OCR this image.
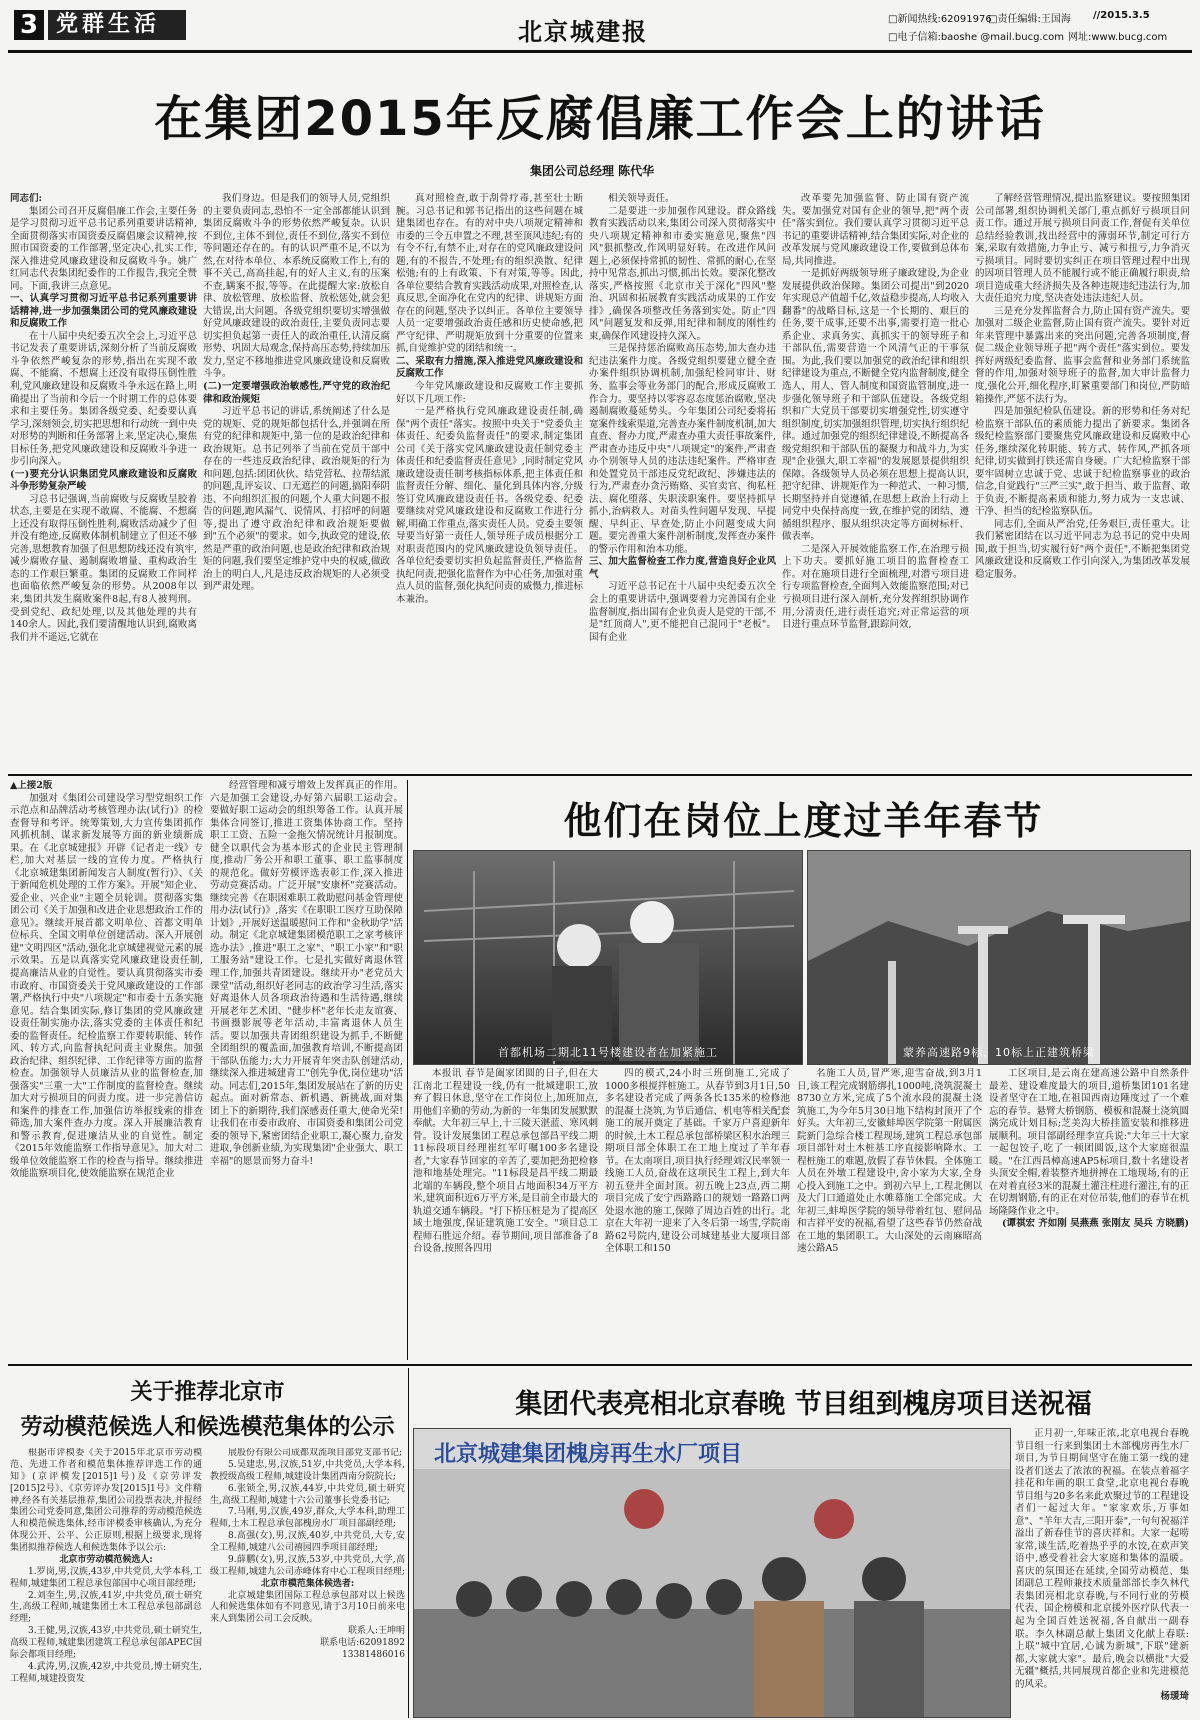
3 党群生活	北京城建报	□新闻热线:62091976
□责任编辑:王国海 //2015.3.5
□电子信箱:baoshe @mail.bucg.com 网址:www.bucg.com
在集团2015年反腐倡廉工作会上的讲话
集团公司总经理 陈代华

同志们:

集团公司召开反腐倡廉工作会,主要任务是学习贯彻习近平总书记系列重要讲话精神,全面贯彻落实市国资委反腐倡廉会议精神,按照市国资委的工作部署,坚定决心,扎实工作,深入推进党风廉政建设和反腐败斗争。姚广红同志代表集团纪委作的工作报告,我完全赞同。下面,我讲三点意见。

一、认真学习贯彻习近平总书记系列重要讲话精神,进一步加强集团公司的党风廉政建设和反腐败工作

在十八届中央纪委五次全会上,习近平总书记发表了重要讲话,深刻分析了当前反腐败斗争依然严峻复杂的形势,指出在实现不敢腐、不能腐、不想腐上还没有取得压倒性胜利,党风廉政建设和反腐败斗争永远在路上,明确提出了当前和今后一个时期工作的总体要求和主要任务。集团各级党委、纪委要认真学习,深刻领会,切实把思想和行动统一到中央对形势的判断和任务部署上来,坚定决心,聚焦目标任务,把党风廉政建设和反腐败斗争进一步引向深入。

(一)要充分认识集团党风廉政建设和反腐败斗争形势复杂严峻

习总书记强调,当前腐败与反腐败呈胶着状态,主要是在实现不敢腐、不能腐、不想腐上还没有取得压倒性胜利,腐败活动减少了但并没有绝迹,反腐败体制机制建立了但还不够完善,思想教育加强了但思想防线还没有筑牢,减少腐败存量、遏制腐败增量、重构政治生态的工作艰巨繁重。集团的反腐败工作同样也面临依然严峻复杂的形势。从2008年以来,集团共发生腐败案件8起,有8人被判刑。受到党纪、政纪处理,以及其他处理的共有140余人。因此,我们要清醒地认识到,腐败离我们并不遥远,它就在

我们身边。但是我们的领导人员,党组织的主要负责同志,恐怕不一定全部都能认识到集团反腐败斗争的形势依然严峻复杂。认识不到位,主体不到位,责任不到位,落实不到位等问题还存在的。有的认识严重不足,不以为然,在对待本单位、本系统反腐败工作上,有的事不关己,高高挂起,有的好人主义,有的压案不查,瞒案不报,等等。在此提醒大家:放松自律、放松管理、放松监督、放松惩处,就会犯大错误,出大问题。各级党组织要切实增强做好党风廉政建设的政治责任,主要负责同志要切实担负起第一责任人的政治重任,认清反腐形势、巩固大局观念,保持高压态势,持续加压发力,坚定不移地推进党风廉政建设和反腐败斗争。

(二)一定要增强政治敏感性,严守党的政治纪律和政治规矩

习近平总书记的讲话,系统阐述了什么是党的规矩、党的规矩都包括什么,并强调在所有党的纪律和规矩中,第一位的是政治纪律和政治规矩。总书记列举了当前在党员干部中存在的一些违反政治纪律、政治规矩的行为和问题,包括:团团伙伙、结党营私、拉帮结派的问题,乱评妄议、口无遮拦的问题,搞阳奉阴违、不向组织汇报的问题,个人重大问题不报告的问题,跑风漏气、说情风、打招呼的问题等,提出了遵守政治纪律和政治规矩要做到"五个必须"的要求。如今,执政党的建设,依然是严重的政治问题,也是政治纪律和政治规矩的问题,我们要坚定维护党中央的权威,做政治上的明白人,凡是违反政治规矩的人必须受到严肃处理。

真对照检查,敢于刮骨疗毒,甚至壮士断腕。习总书记和郭书记指出的这些问题在城建集团也存在。有的对中央八项规定精神和市委的三令五申置之不理,甚至顶风违纪;有的有令不行,有禁不止,对存在的党风廉政建设问题,有的不报告,不处理;有的组织涣散、纪律松弛;有的上有政策、下有对策,等等。因此,各单位要结合教育实践活动成果,对照检查,认真反思,全面净化在党内的纪律、讲规矩方面存在的问题,坚决予以纠正。各单位主要领导人员一定要增强政治责任感和历史使命感,把严守纪律、严明规矩放到十分重要的位置来抓,自觉维护党的团结和统一。

二、采取有力措施,深入推进党风廉政建设和反腐败工作

今年党风廉政建设和反腐败工作主要抓好以下几项工作:

一是严格执行党风廉政建设责任制,确保"两个责任"落实。按照中央关于"党委负主体责任、纪委负监督责任"的要求,制定集团公司《关于落实党风廉政建设责任制党委主体责任和纪委监督责任意见》,同时制定党风廉政建设责任制考核指标体系,把主体责任和监督责任分解、细化、量化到具体内容,分级签订党风廉政建设责任书。各级党委、纪委要继续对党风廉政建设和反腐败工作进行分解,明确工作重点,落实责任人员。党委主要领导要当好第一责任人,领导班子成员根据分工对职责范围内的党风廉政建设负领导责任。各单位纪委要切实担负起监督责任,严格监督执纪问责,把强化监督作为中心任务,加强对重点人员的监督,强化执纪问责的威慑力,推进标本兼治。

相关领导责任。

二是要进一步加强作风建设。群众路线教育实践活动以来,集团公司深入贯彻落实中央八项规定精神和市委实施意见,聚焦"四风"狠抓整改,作风明显好转。在改进作风问题上,必须保持常抓的韧性、常抓的耐心,在坚持中见常态,抓出习惯,抓出长效。要深化整改落实,严格按照《北京市关于深化"四风"整治、巩固和拓展教育实践活动成果的工作安排》,确保各项整改任务落到实处。防止"四风"问题复发和反弹,用纪律和制度的刚性约束,确保作风建设持久深入。

三是保持惩治腐败高压态势,加大查办违纪违法案件力度。各级党组织要建立健全查办案件组织协调机制,加强纪检同审计、财务、监事会等业务部门的配合,形成反腐败工作合力。要坚持以零容忍态度惩治腐败,坚决遏制腐败蔓延势头。今年集团公司纪委将拓宽案件线索渠道,完善查办案件制度机制,加大直查、督办力度,严肃查办重大责任事故案件,严肃查办违反中央"八项规定"的案件,严肃查办个别领导人员的违法违纪案件。严格审查和处置党员干部违反党纪政纪、涉嫌违法的行为,严肃查办贪污贿赂、买官卖官、徇私枉法、腐化堕落、失职渎职案件。要坚持抓早抓小,治病救人。对苗头性问题早发现、早提醒、早纠正、早查处,防止小问题变成大问题。要完善重大案件剖析制度,发挥查办案件的警示作用和治本功能。

三、加大监督检查工作力度,营造良好企业风气

习近平总书记在十八届中央纪委五次全会上的重要讲话中,强调要着力完善国有企业监督制度,指出国有企业负责人是党的干部,不是"红顶商人",更不能把自己混同于"老板"。国有企业

改革要先加强监督、防止国有资产流失。要加强党对国有企业的领导,把"两个责任"落实到位。我们要认真学习贯彻习近平总书记的重要讲话精神,结合集团实际,对企业的改革发展与党风廉政建设工作,要做到总体布局,共同推进。

一是抓好两级领导班子廉政建设,为企业发展提供政治保障。集团公司提出"到2020年实现总产值超千亿,效益稳步提高,人均收入翻番"的战略目标,这是一个长期的、艰巨的任务,要干成事,还要不出事,需要打造一批心系企业、求真务实、真抓实干的领导班子和干部队伍,需要营造一个风清气正的干事氛围。为此,我们要以加强党的政治纪律和组织纪律建设为重点,不断健全党内监督制度,健全选人、用人、管人制度和国资监管制度,进一步强化领导班子和干部队伍建设。各级党组织和广大党员干部要切实增强党性,切实遵守组织制度,切实加强组织管理,切实执行组织纪律。通过加强党的组织纪律建设,不断提高各级党组织和干部队伍的凝聚力和战斗力,为实现"企业强大,职工幸福"的发展愿景提供组织保障。各级领导人员必须在思想上提高认识,把守纪律、讲规矩作为一种范式、一种习惯,长期坚持并自觉遵循,在思想上政治上行动上同党中央保持高度一致,在维护党的团结、遵循组织程序、服从组织决定等方面树标杆、做表率。

二是深入开展效能监察工作,在治理亏损上下功夫。要抓好施工项目的监督检查工作。对在施项目进行全面梳理,对潜亏项目进行专项监督检查,全面判入效能监察范围;对已亏损项目进行深入剖析,充分发挥组织协调作用,分清责任,进行责任追究;对正常运营的项目进行重点环节监督,跟踪问效,

了解经营管理情况,提出监察建议。要按照集团公司部署,组织协调机关部门,重点抓好亏损项目问责工作。通过开展亏损项目问责工作,督促有关单位总结经验教训,找出经营中的薄弱环节,制定可行方案,采取有效措施,力争止亏、减亏和扭亏,力争消灭亏损项目。同时要切实纠正在项目管理过程中出现的因项目管理人员不能履行或不能正确履行职责,给项目造成重大经济损失及各种违规违纪违法行为,加大责任追究力度,坚决查处违法违纪人员。

三是充分发挥监督合力,防止国有资产流失。要加强对二级企业监督,防止国有资产流失。要针对近年来管理中暴露出来的突出问题,完善各项制度,督促二级企业领导班子把"两个责任"落实到位。要发挥好两级纪委监督、监事会监督和业务部门系统监督的作用,加强对领导班子的监督,加大审计监督力度,强化公开,细化程序,盯紧重要部门和岗位,严防暗箱操作,严惩不法行为。

四是加强纪检队伍建设。新的形势和任务对纪检监察干部队伍的素质能力提出了新要求。集团各级纪检监察部门要聚焦党风廉政建设和反腐败中心任务,继续深化转职能、转方式、转作风,严抓各项纪律,切实做到打铁还需自身硬。广大纪检监察干部要牢固树立忠诚于党、忠诚于纪检监察事业的政治信念,自觉践行"三严三实",敢于担当、敢于监督、敢于负责,不断提高素质和能力,努力成为一支忠诚、干净、担当的纪检监察队伍。

同志们,全面从严治党,任务艰巨,责任重大。让我们紧密团结在以习近平同志为总书记的党中央周围,敢于担当,切实履行好"两个责任",不断把集团党风廉政建设和反腐败工作引向深入,为集团改革发展稳定服务。

▲上接2版

加强对《集团公司建设学习型党组织工作示范点和品牌活动考核管理办法(试行)》的检查督导和考评。统筹策划,大力宣传集团抓作风抓机制、谋求新发展等方面的新业绩新成果。在《北京城建报》开辟《记者走一线》专栏,加大对基层一线的宣传力度。严格执行《北京城建集团新闻发言人制度(暂行)》、《关于新闻危机处理的工作方案》。开展"知企业、爱企业、兴企业"主题全员轮训。贯彻落实集团公司《关于加强和改进企业思想政治工作的意见》。继续开展首都文明单位、首都文明单位标兵、全国文明单位创建活动。深入开展创建"文明四区"活动,强化北京城建视觉元素的展示效果。五是以真落实党风廉政建设责任制,提高廉洁从业的自觉性。要认真贯彻落实市委市政府、市国资委关于党风廉政建设的工作部署,严格执行中央"八项规定"和市委十五条实施意见。结合集团实际,修订集团的党风廉政建设责任制实施办法,落实党委的主体责任和纪委的监督责任。纪检监察工作要转职能、转作风、转方式,向监督执纪问责主业聚焦。加强政治纪律、组织纪律、工作纪律等方面的监督检查。加强领导人员廉洁从业的监督检查,加强落实"三重一大"工作制度的监督检查。继续加大对亏损项目的问责力度。进一步完善信访和案件的排查工作,加强信访举报线索的排查筛选,加大案件查办力度。深入开展廉洁教育和警示教育,促进廉洁从业的自觉性。制定《2015年效能监察工作指导意见》。加大对二级单位效能监察工作的检查与指导。继续推进效能监察项目化,使效能监察在规范企业

经营管理和减亏增效上发挥真正的作用。六是加强工会建设,办好第六届职工运动会。要做好职工运动会的组织筹备工作。认真开展集体合同签订,推进工资集体协商工作。坚持职工工资、五险一金拖欠情况统计月报制度。健全以职代会为基本形式的企业民主管理制度,推动厂务公开和职工董事、职工监事制度的规范化。做好劳模评选表彰工作,深入推进劳动竞赛活动。广泛开展"安康杯"竞赛活动。继续完善《在职困难职工救助慰问基金管理使用办法(试行)》,落实《在职职工医疗互助保障计划》,开展好送温暖慰问工作和"金秋助学"活动。制定《北京城建集团模范职工之家考核评选办法》,推进"职工之家"、"职工小家"和"职工服务站"建设工作。七是扎实做好离退休管理工作,加强共青团建设。继续开办"老党员大课堂"活动,组织好老同志的政治学习生活,落实好离退休人员各项政治待遇和生活待遇,继续开展老年艺术团、"健步杯"老年长走友谊赛、书画摄影展等老年活动,丰富离退休人员生活。要以加强共青团组织建设为抓手,不断健全团组织的覆盖面,加强教育培训,不断提高团干部队伍能力;大力开展青年突击队创建活动,继续深入推进城建青工"创先争优,岗位建功"活动。同志们,2015年,集团发展站在了新的历史起点。面对新常态、新机遇、新挑战,面对集团上下的新期待,我们深感责任重大,使命光荣!让我们在市委市政府、市国资委和集团公司党委的领导下,紧密团结企业职工,凝心聚力,奋发进取,争创新业绩,为实现集团"企业强大、职工幸福"的愿景而努力奋斗!

他们在岗位上度过羊年春节
首都机场二期北11号楼建设者在加紧施工	蒙养高速路9标、10标上正建筑桥梁

本报讯 春节是阖家团圆的日子,但在大江南北工程建设一线,仍有一批城建职工,放弃了假日休息,坚守在工作岗位上,加班加点,用他们辛勤的劳动,为新的一年集团发展默默奉献。大年初三早上,十三陵天湛蓝、寒风刺骨。设计发展集团工程总承包部昌平线二期11标段项目经理崔红军叮嘱100多名建设者,"大家春节回家的辛苦了,要加把劲把检修池和地基处理完。"11标段是昌平线二期最北端的车辆段,整个项目占地面积34万平方米,建筑面积近6万平方米,是目前全市最大的轨道交通车辆段。"打下桥压桩是为了提高区域土地强度,保证建筑施工安全。"项目总工程师石胜远介绍。春节期间,项目部准备了8台设备,按照各四用

四的模式,24小时三班倒施工,完成了1000多根搅拌桩施工。从春节到3月1日,50多名建设者完成了两条各长135米的检修池的混凝土浇筑,为节后通信、机电等相关配套施工的展开奠定了基础。千家万户喜迎新年的时候,土木工程总承包部桥梁区积水治理三期项目部全体职工在工地上度过了羊年春节。在太南项目,项目执行经理刘汉民率领一线施工人员,奋战在这项民生工程上,到大年初五登井全面封顶。初五晚上23点,西二期项目完成了安宁西路路口的规划一路路口两处退水池的施工,保障了周边百姓的出行。北京在大年初一迎来了入冬后第一场雪,学院南路62号院内,建设公司城建基业大厦项目部全体职工和150

名施工人员,冒严寒,迎雪奋战,到3月1日,该工程完成钢筋绑扎1000吨,浇筑混凝土8730立方米,完成了5个流水段的混凝土浇筑施工,为今年5月30日地下结构封顶开了个好头。大年初三,安徽蚌埠医学院第一附属医院新门急综合楼工程现场,建筑工程总承包部项目部针对土木桩基工序直接影响降水、工程桩施工的难题,放假了春节休假。全体施工人员在外墩工程建设中,舍小家为大家,全身心投入到施工之中。到初六早上,工程北侧以及大门口通道处止水帷幕施工全部完成。大年初三,蚌埠医学院的领导带着红包、慰问品和吉祥平安的祝福,看望了这些春节仍然奋战在工地的集团职工。大山深处的云南麻昭高速公路A5

工区项目,是云南在建高速公路中自然条件最差、建设难度最大的项目,道桥集团101名建设者坚守在工地,在祖国西南边陲度过了一个难忘的春节。悬臂大桥钢筋、模板和混凝土浇筑圆满完成计划目标;芝美沟大桥挂篮安装和推移进展顺利。项目部副经理李宣兵说:"大年三十大家一起包饺子,吃了一顿团圆饭,这个大家庭很温暖。"在江西昌樟高速AP5标项目,数十名建设者头顶安全帽,着装整齐地拼搏在工地现场,有的正在对着直径3米的混凝土灌注柱进行灌注,有的正在切割钢筋,有的正在对位吊装,他们的春节在机场隆隆作业之中。

(谭祺宏 齐如刚 吴燕燕 张刚友 吴兵 方晓鹏)

关于推荐北京市
劳动模范候选人和候选模范集体的公示

根据市评模委《关于2015年北京市劳动模范、先进工作者和模范集体推荐评选工作的通知》(京评模发[2015]1号)及《京劳评发[2015]2号》、《京劳评办发[2015]1号》文件精神,经各有关基层推荐,集团公司投票表决,并报经集团公司党委同意,集团公司推荐的劳动模范候选人和模范候选集体,经市评模委审核确认,为充分体现公开、公平、公正原则,根据上级要求,现将集团拟推荐候选人和候选集体予以公示:

北京市劳动模范候选人:

1.罗岗,男,汉族,43岁,中共党员,大学本科,工程师,城建集团工程总承包部国中心项目部经理;

2.刘奎生,男,汉族,41岁,中共党员,硕士研究生,高级工程师,城建集团土木工程总承包部副总经理;

3.王健,男,汉族,43岁,中共党员,硕士研究生,高级工程师,城建集团建筑工程总承包部APEC国际会都项目经理;

4.武涛,男,汉族,42岁,中共党员,博士研究生,工程师,城建投资发

展股份有限公司成都双流项目部党支部书记;

5.吴建忠,男,汉族,51岁,中共党员,大学本科,教授级高级工程师,城建设计集团西南分院院长;

6.张锁全,男,汉族,44岁,中共党员,硕士研究生,高级工程师,城建十六公司董事长党委书记;

7.马刚,男,汉族,49岁,群众,大学本科,助理工程师,土木工程总承包部槐房水厂项目部副经理;

8.高强(女),男,汉族,40岁,中共党员,大专,安全工程师,城建八公司禧园四季项目部经理;

9.薛鹏(女),男,汉族,53岁,中共党员,大学,高级工程师,城建九公司赤峰体育中心工程项目经理;

北京市模范集体候选者:

北京城建集团国际工程总承包部对以上候选人和候选集体如有不同意见,请于3月10日前来电来人到集团公司工会反映。

联系人:王坤明

联系电话:62091892

13381486016

集团代表亮相北京春晚 节目组到槐房项目送祝福
北京城建集团槐房再生水厂项目

正月初一,年味正浓,北京电视台春晚节目组一行来到集团土木部槐房再生水厂项目,为节日期间坚守在施工第一线的建设者们送去了浓浓的祝福。在装点着福字挂花和年画的职工食堂,北京电视台春晚节目组与20多名来此欢聚过节的工程建设者们一起过大年。"家家欢乐,万事如意"、"羊年大吉,三阳开泰",一句句祝福洋溢出了新春佳节的喜庆祥和。大家一起唠家常,谈生活,吃着热乎乎的水饺,在欢声笑语中,感受着社会大家庭和集体的温暖。喜庆的氛围还在延续,全国劳动模范、集团副总工程师兼技术质量部部长李久林代表集团亮相北京春晚,与不同行业的劳模代表、国企榜模和北京援外医疗队代表一起为全国百姓送祝福,各自献出一副春联。李久林副总献上集团文化献上春联:上联"城中宜居,心诚为新城",下联"建新都,大家就大家"。最后,晚会以横批"大爱无疆"概括,共同展现首都企业和先进模范的风采。

杨瑗琦
